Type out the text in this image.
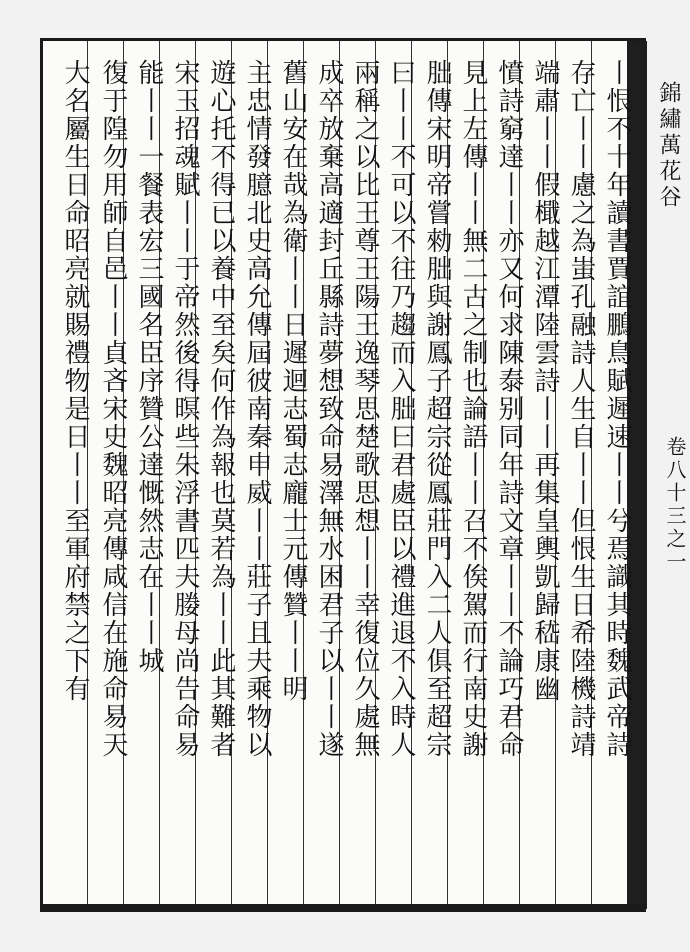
錦繡萬花谷
卷八十三之一
丨恨不十年讀書賈誼鵬鳥賦遲速丨丨兮焉識其時魏武帝詩
存亡丨丨慮之為蚩孔融詩人生自丨丨但恨生日希陸機詩靖
端肅丨丨假檝越江潭陸雲詩丨丨再集皇輿凱歸嵇康幽
憤詩窮達丨丨亦又何求陳泰别同年詩文章丨丨不論巧君命
見上左傳丨丨無二古之制也論語丨丨召不俟駕而行南史謝
朏傳宋明帝嘗勑朏與謝鳳子超宗從鳳莊門入二人俱至超宗
曰丨丨不可以不往乃趨而入朏曰君處臣以禮進退不入時人
兩稱之以比王尊王陽王逸琴思楚歌思想丨丨幸復位久處無
成卒放棄高適封丘縣詩夢想致命易澤無水困君子以丨丨遂
舊山安在哉為衛丨丨日遲迴志蜀志龐士元傳贊丨丨明
主忠情發臆北史高允傳屆彼南秦申威丨丨莊子且夫乘物以
遊心托不得已以養中至矣何作為報也莫若為丨丨此其難者
宋玉招魂賦丨丨于帝然後得暝些朱浮書匹夫媵母尚告命易
能丨丨一餐表宏三國名臣序贊公達慨然志在丨丨城
復于隍勿用師自邑丨丨貞吝宋史魏昭亮傳咸信在施命易天
大名屬生日命昭亮就賜禮物是日丨丨至軍府禁之下有
